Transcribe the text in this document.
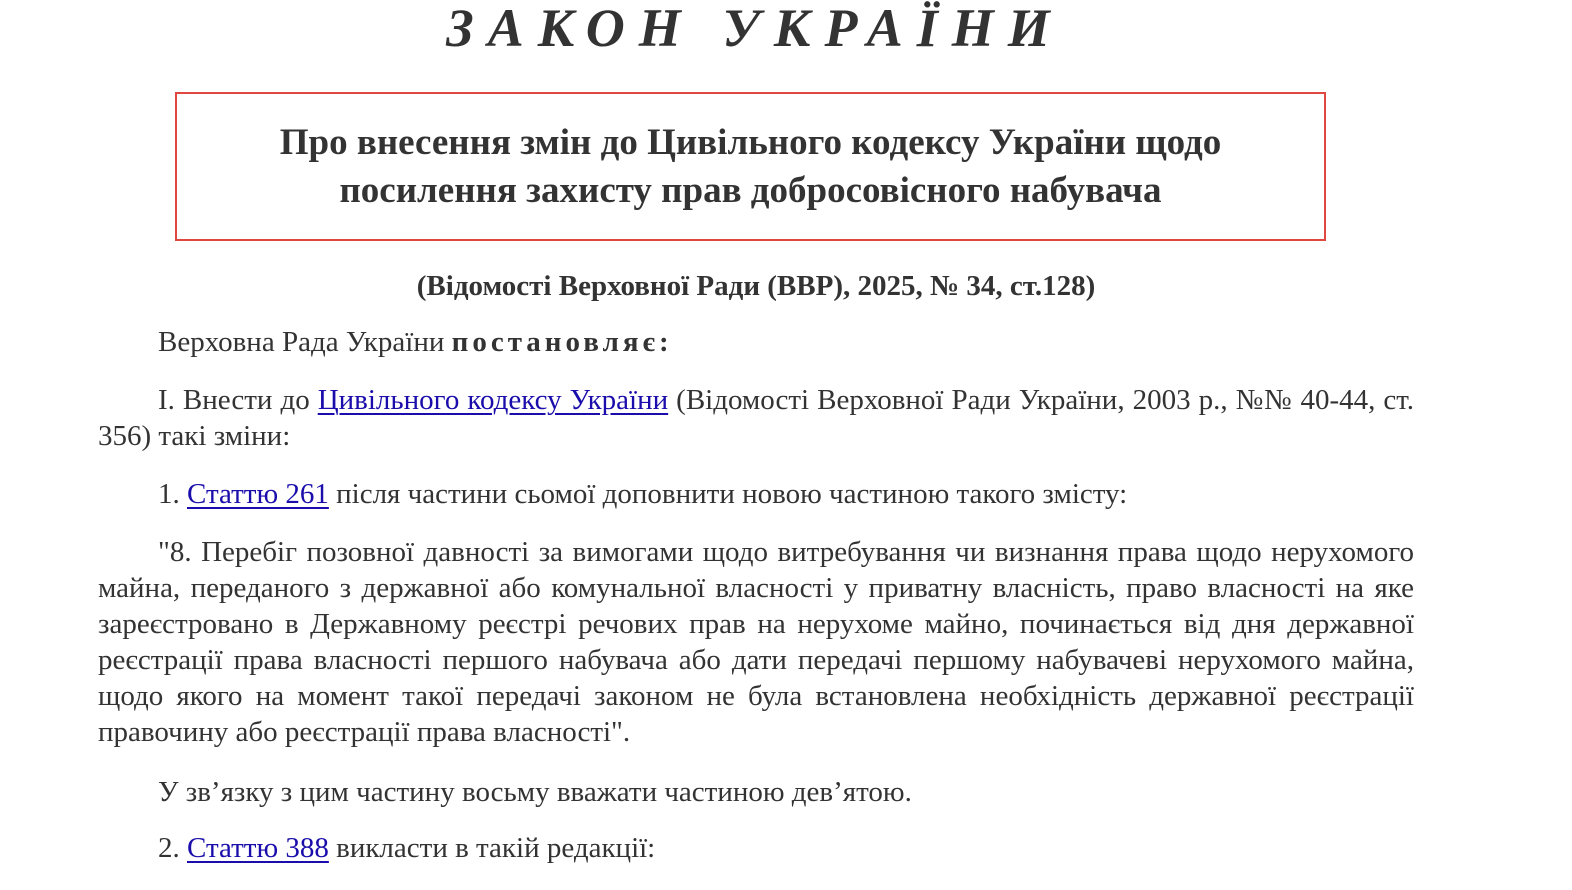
ЗАКОН УКРАЇНИ

Про внесення змін до Цивільного кодексу України щодо посилення захисту прав добросовісного набувача

(Відомості Верховної Ради (ВВР), 2025, № 34, ст.128)

Верховна Рада України постановляє:

I. Внести до Цивільного кодексу України (Відомості Верховної Ради України, 2003 р., №№ 40-44, ст. 356) такі зміни:

1. Статтю 261 після частини сьомої доповнити новою частиною такого змісту:

"8. Перебіг позовної давності за вимогами щодо витребування чи визнання права щодо нерухомого майна, переданого з державної або комунальної власності у приватну власність, право власності на яке зареєстровано в Державному реєстрі речових прав на нерухоме майно, починається від дня державної реєстрації права власності першого набувача або дати передачі першому набувачеві нерухомого майна, щодо якого на момент такої передачі законом не була встановлена необхідність державної реєстрації правочину або реєстрації права власності".

У зв’язку з цим частину восьму вважати частиною дев’ятою.

2. Статтю 388 викласти в такій редакції:
